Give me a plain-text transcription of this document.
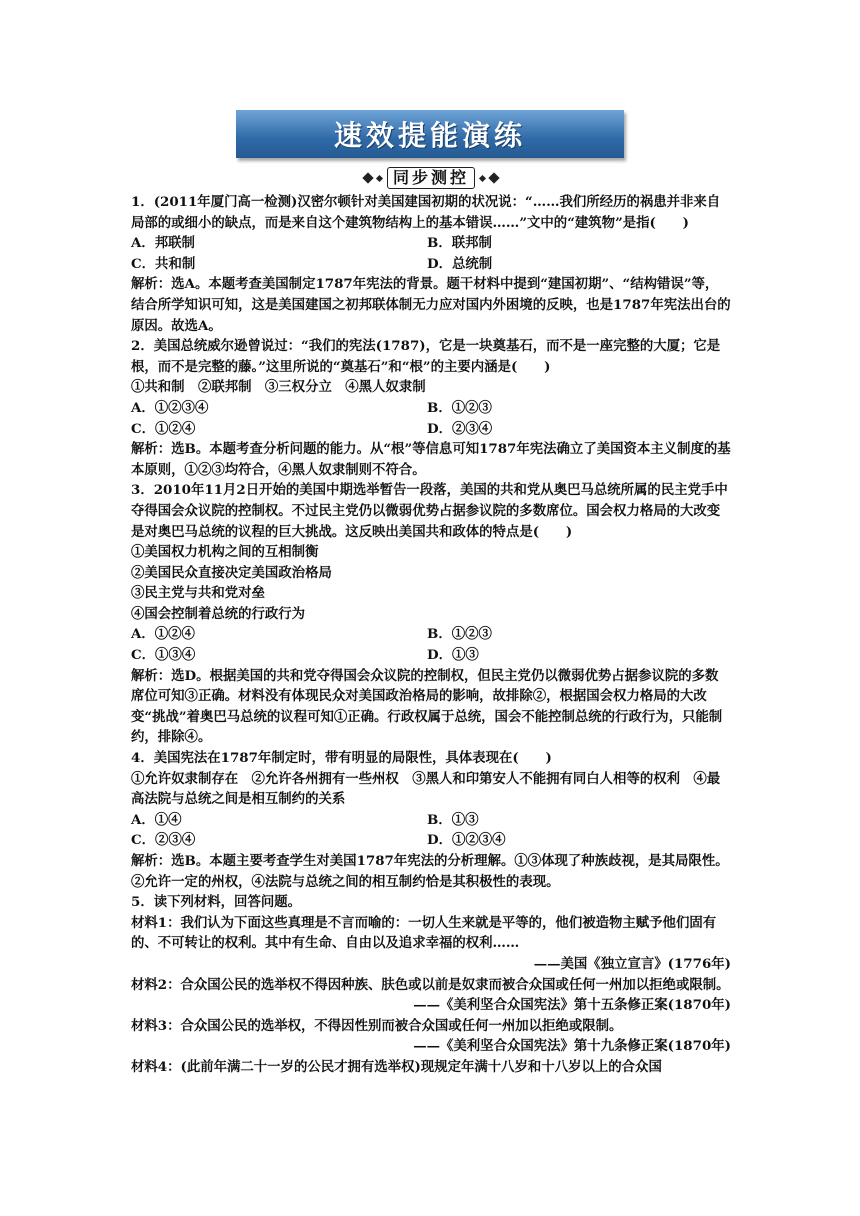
速效提能演练
同步测控

1．(2011年厦门高一检测)汉密尔顿针对美国建国初期的状况说：“……我们所经历的祸患并非来自局部的或细小的缺点，而是来自这个建筑物结构上的基本错误……”文中的“建筑物”是指(　　)

A．邦联制	B．联邦制
C．共和制	D．总统制

解析：选A。本题考查美国制定1787年宪法的背景。题干材料中提到“建国初期”、“结构错误”等，结合所学知识可知，这是美国建国之初邦联体制无力应对国内外困境的反映，也是1787年宪法出台的原因。故选A。

2．美国总统威尔逊曾说过：“我们的宪法(1787)，它是一块奠基石，而不是一座完整的大厦；它是根，而不是完整的藤。”这里所说的“奠基石”和“根”的主要内涵是(　　)

①共和制　②联邦制　③三权分立　④黑人奴隶制

A．①②③④	B．①②③
C．①②④	D．②③④

解析：选B。本题考查分析问题的能力。从“根”等信息可知1787年宪法确立了美国资本主义制度的基本原则，①②③均符合，④黑人奴隶制则不符合。

3．2010年11月2日开始的美国中期选举暂告一段落，美国的共和党从奥巴马总统所属的民主党手中夺得国会众议院的控制权。不过民主党仍以微弱优势占据参议院的多数席位。国会权力格局的大改变是对奥巴马总统的议程的巨大挑战。这反映出美国共和政体的特点是(　　)

①美国权力机构之间的互相制衡

②美国民众直接决定美国政治格局

③民主党与共和党对垒

④国会控制着总统的行政行为

A．①②④	B．①②③
C．①③④	D．①③

解析：选D。根据美国的共和党夺得国会众议院的控制权，但民主党仍以微弱优势占据参议院的多数席位可知③正确。材料没有体现民众对美国政治格局的影响，故排除②，根据国会权力格局的大改变“挑战”着奥巴马总统的议程可知①正确。行政权属于总统，国会不能控制总统的行政行为，只能制约，排除④。

4．美国宪法在1787年制定时，带有明显的局限性，具体表现在(　　)

①允许奴隶制存在　②允许各州拥有一些州权　③黑人和印第安人不能拥有同白人相等的权利　④最高法院与总统之间是相互制约的关系

A．①④	B．①③
C．②③④	D．①②③④

解析：选B。本题主要考查学生对美国1787年宪法的分析理解。①③体现了种族歧视，是其局限性。②允许一定的州权，④法院与总统之间的相互制约恰是其积极性的表现。

5．读下列材料，回答问题。

材料1：我们认为下面这些真理是不言而喻的：一切人生来就是平等的，他们被造物主赋予他们固有的、不可转让的权利。其中有生命、自由以及追求幸福的权利……

——美国《独立宣言》(1776年)

材料2：合众国公民的选举权不得因种族、肤色或以前是奴隶而被合众国或任何一州加以拒绝或限制。

——《美利坚合众国宪法》第十五条修正案(1870年)

材料3：合众国公民的选举权，不得因性别而被合众国或任何一州加以拒绝或限制。

——《美利坚合众国宪法》第十九条修正案(1870年)

材料4：(此前年满二十一岁的公民才拥有选举权)现规定年满十八岁和十八岁以上的合众国
